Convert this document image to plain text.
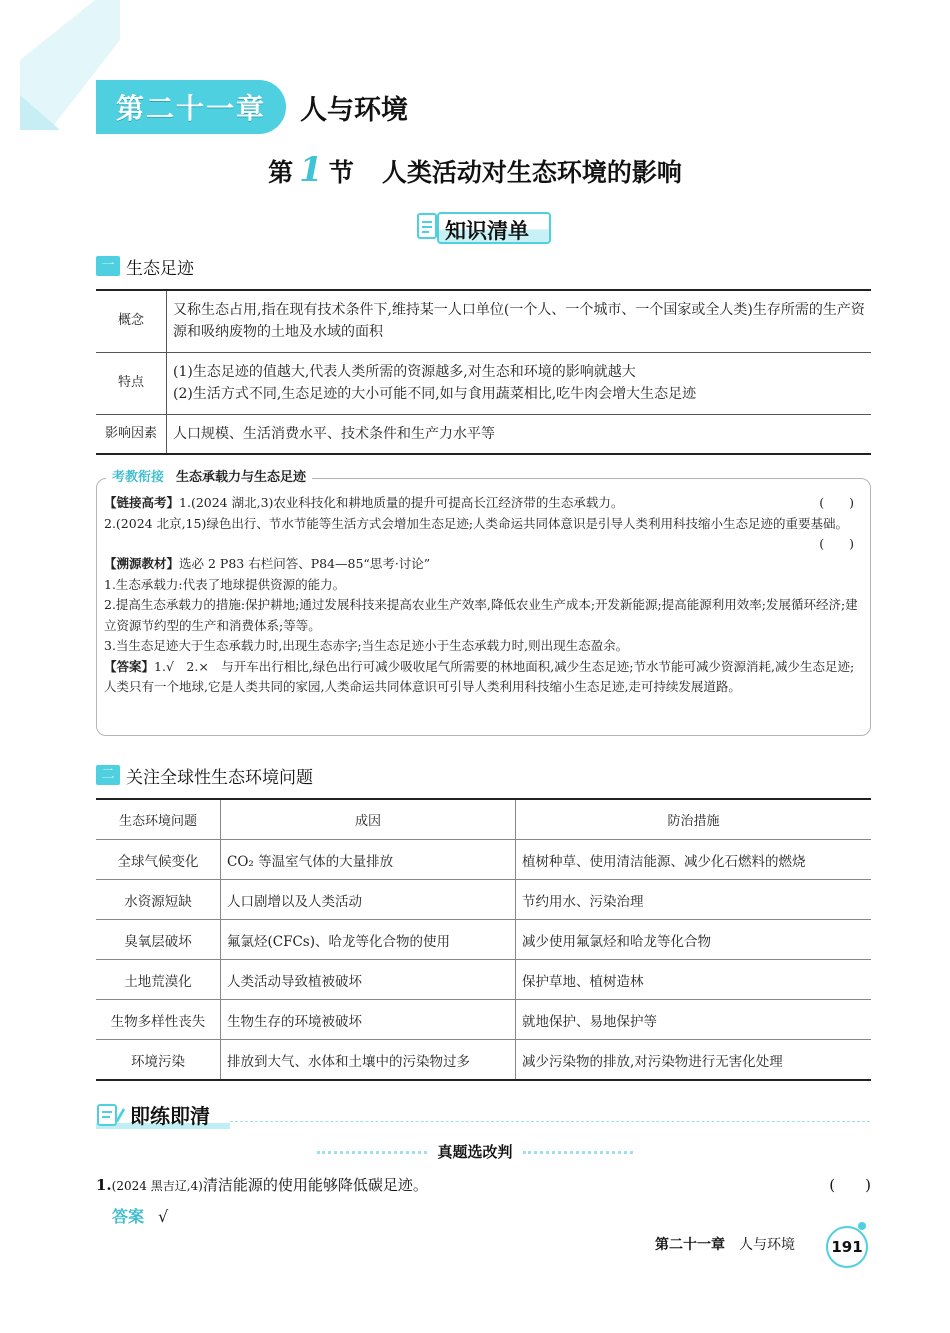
第二十一章 人与环境
第 1 节 人类活动对生态环境的影响
知识清单
一 生态足迹
概念	又称生态占用,指在现有技术条件下,维持某一人口单位(一个人、一个城市、一个国家或全人类)生存所需的生产资源和吸纳废物的土地及水域的面积
特点	(1)生态足迹的值越大,代表人类所需的资源越多,对生态和环境的影响就越大
(2)生活方式不同,生态足迹的大小可能不同,如与食用蔬菜相比,吃牛肉会增大生态足迹

影响因素	人口规模、生活消费水平、技术条件和生产力水平等
考教衔接 生态承载力与生态足迹

【链接高考】1.(2024 湖北,3)农业科技化和耕地质量的提升可提高长江经济带的生态承载力。	(　　)

2.(2024 北京,15)绿色出行、节水节能等生活方式会增加生态足迹;人类命运共同体意识是引导人类利用科技缩小生态足迹的重要基础。

(　　)

【溯源教材】选必 2 P83 右栏问答、P84—85“思考·讨论”

1.生态承载力:代表了地球提供资源的能力。

2.提高生态承载力的措施:保护耕地;通过发展科技来提高农业生产效率,降低农业生产成本;开发新能源;提高能源利用效率;发展循环经济;建立资源节约型的生产和消费体系;等等。

3.当生态足迹大于生态承载力时,出现生态赤字;当生态足迹小于生态承载力时,则出现生态盈余。

【答案】1.√　2.×　与开车出行相比,绿色出行可减少吸收尾气所需要的林地面积,减少生态足迹;节水节能可减少资源消耗,减少生态足迹;人类只有一个地球,它是人类共同的家园,人类命运共同体意识可引导人类利用科技缩小生态足迹,走可持续发展道路。

二 关注全球性生态环境问题
生态环境问题	成因	防治措施
全球气候变化	CO₂ 等温室气体的大量排放	植树种草、使用清洁能源、减少化石燃料的燃烧
水资源短缺	人口剧增以及人类活动	节约用水、污染治理
臭氧层破坏	氟氯烃(CFCs)、哈龙等化合物的使用	减少使用氟氯烃和哈龙等化合物
土地荒漠化	人类活动导致植被破坏	保护草地、植树造林
生物多样性丧失	生物生存的环境被破坏	就地保护、易地保护等
环境污染	排放到大气、水体和土壤中的污染物过多	减少污染物的排放,对污染物进行无害化处理
即练即清
真题选改判
1.(2024 黑吉辽,4)清洁能源的使用能够降低碳足迹。	(　　)
答案 √
第二十一章 人与环境	191
